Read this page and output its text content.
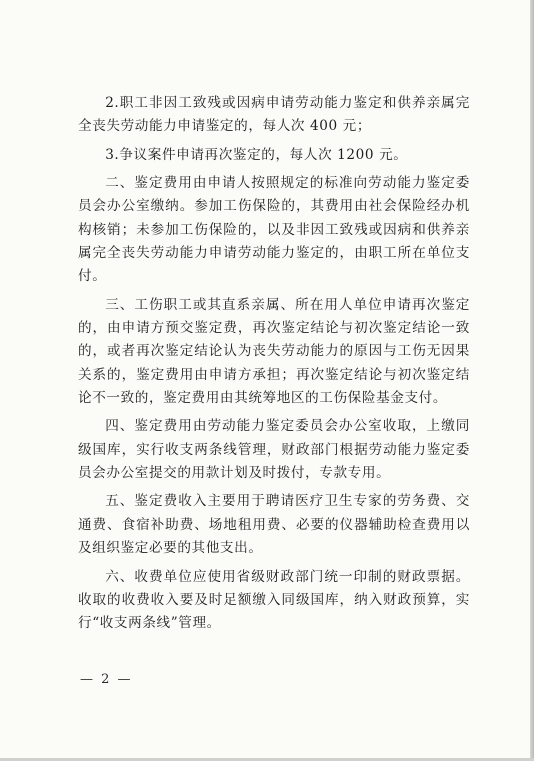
2.职工非因工致残或因病申请劳动能力鉴定和供养亲属完全丧失劳动能力申请鉴定的，每人次 400 元；

3.争议案件申请再次鉴定的，每人次 1200 元。

二、鉴定费用由申请人按照规定的标准向劳动能力鉴定委员会办公室缴纳。参加工伤保险的，其费用由社会保险经办机构核销；未参加工伤保险的，以及非因工致残或因病和供养亲属完全丧失劳动能力申请劳动能力鉴定的，由职工所在单位支付。

三、工伤职工或其直系亲属、所在用人单位申请再次鉴定的，由申请方预交鉴定费，再次鉴定结论与初次鉴定结论一致的，或者再次鉴定结论认为丧失劳动能力的原因与工伤无因果关系的，鉴定费用由申请方承担；再次鉴定结论与初次鉴定结论不一致的，鉴定费用由其统筹地区的工伤保险基金支付。

四、鉴定费用由劳动能力鉴定委员会办公室收取，上缴同级国库，实行收支两条线管理，财政部门根据劳动能力鉴定委员会办公室提交的用款计划及时拨付，专款专用。

五、鉴定费收入主要用于聘请医疗卫生专家的劳务费、交通费、食宿补助费、场地租用费、必要的仪器辅助检查费用以及组织鉴定必要的其他支出。

六、收费单位应使用省级财政部门统一印制的财政票据。收取的收费收入要及时足额缴入同级国库，纳入财政预算，实行“收支两条线”管理。

— 2 —
